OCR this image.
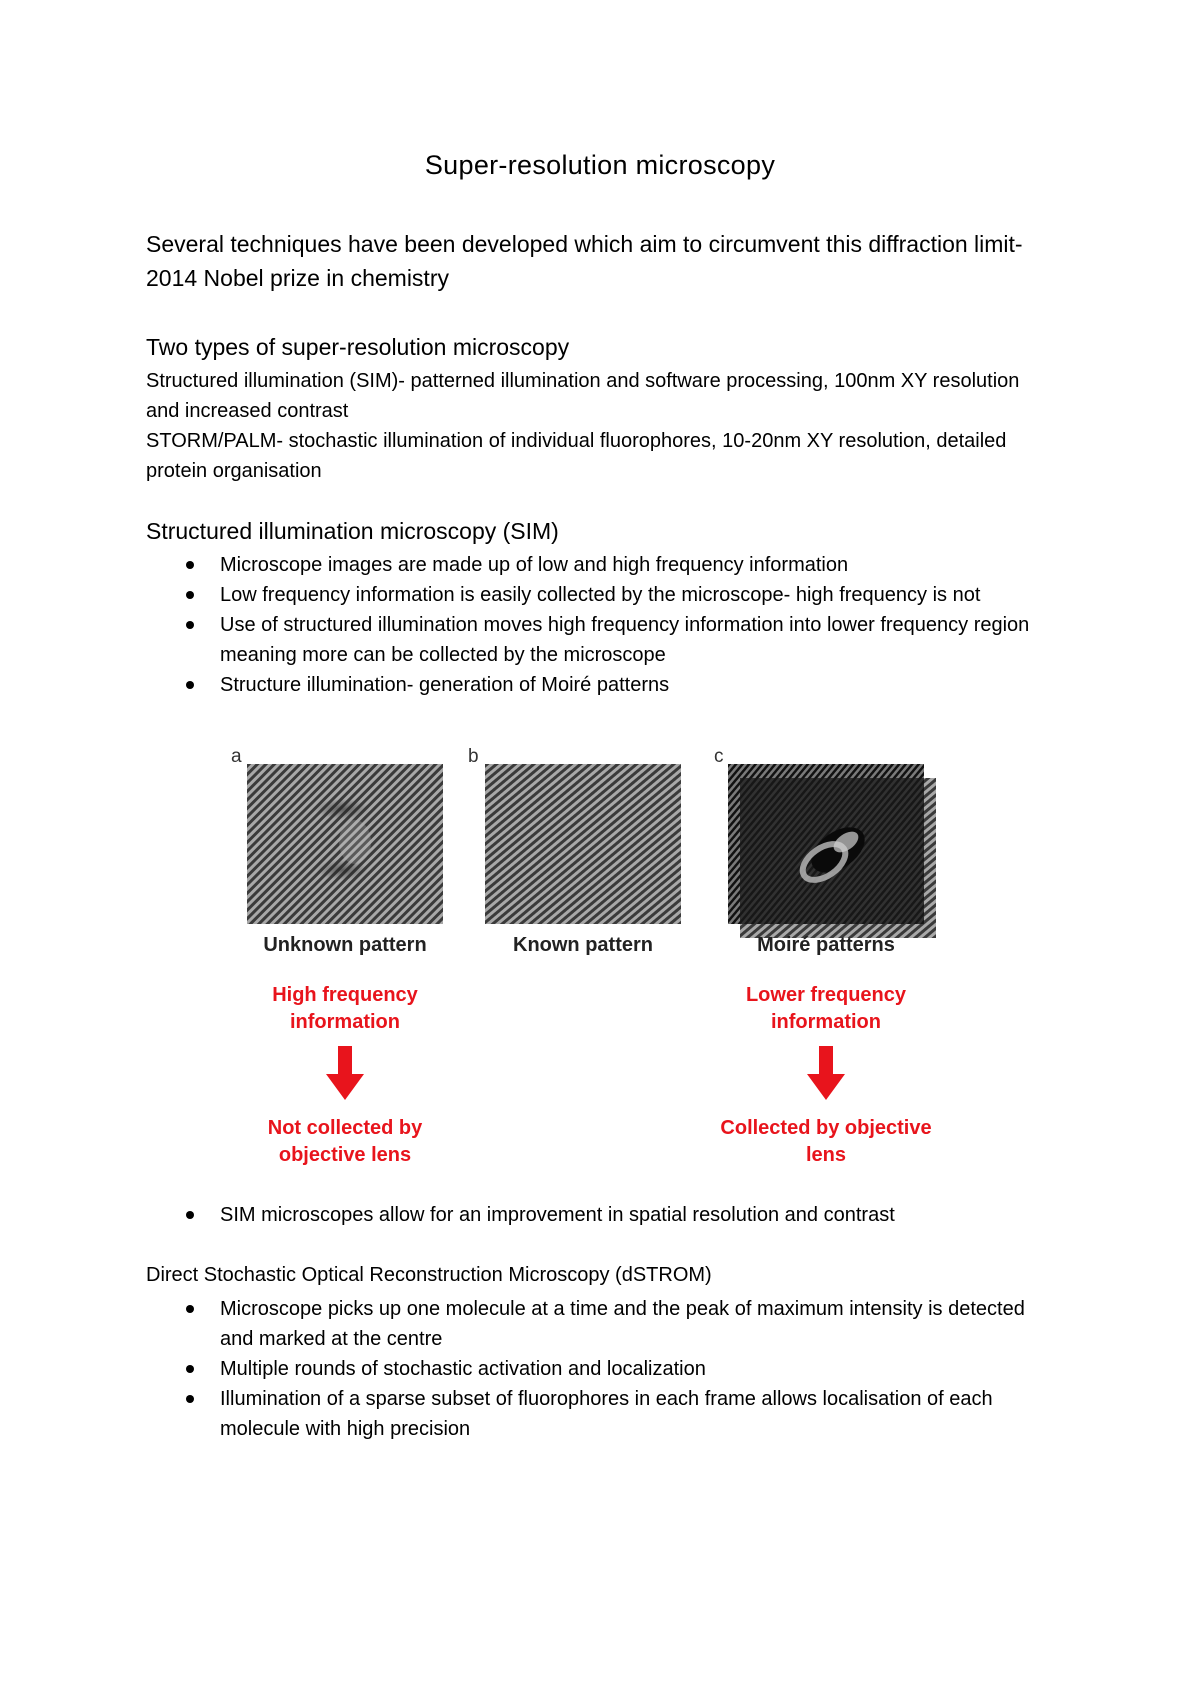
Super-resolution microscopy
Several techniques have been developed which aim to circumvent this diffraction limit- 2014 Nobel prize in chemistry
Two types of super-resolution microscopy
Structured illumination (SIM)- patterned illumination and software processing, 100nm XY resolution and increased contrast
STORM/PALM- stochastic illumination of individual fluorophores, 10-20nm XY resolution, detailed protein organisation
Structured illumination microscopy (SIM)
Microscope images are made up of low and high frequency information
Low frequency information is easily collected by the microscope- high frequency is not
Use of structured illumination moves high frequency information into lower frequency region meaning more can be collected by the microscope
Structure illumination- generation of Moiré patterns
a	b	c
Unknown pattern	Known pattern	Moiré patterns
High frequency information
Not collected by objective lens
Lower frequency information
Collected by objective lens
SIM microscopes allow for an improvement in spatial resolution and contrast
Direct Stochastic Optical Reconstruction Microscopy (dSTROM)
Microscope picks up one molecule at a time and the peak of maximum intensity is detected and marked at the centre
Multiple rounds of stochastic activation and localization
Illumination of a sparse subset of fluorophores in each frame allows localisation of each molecule with high precision
